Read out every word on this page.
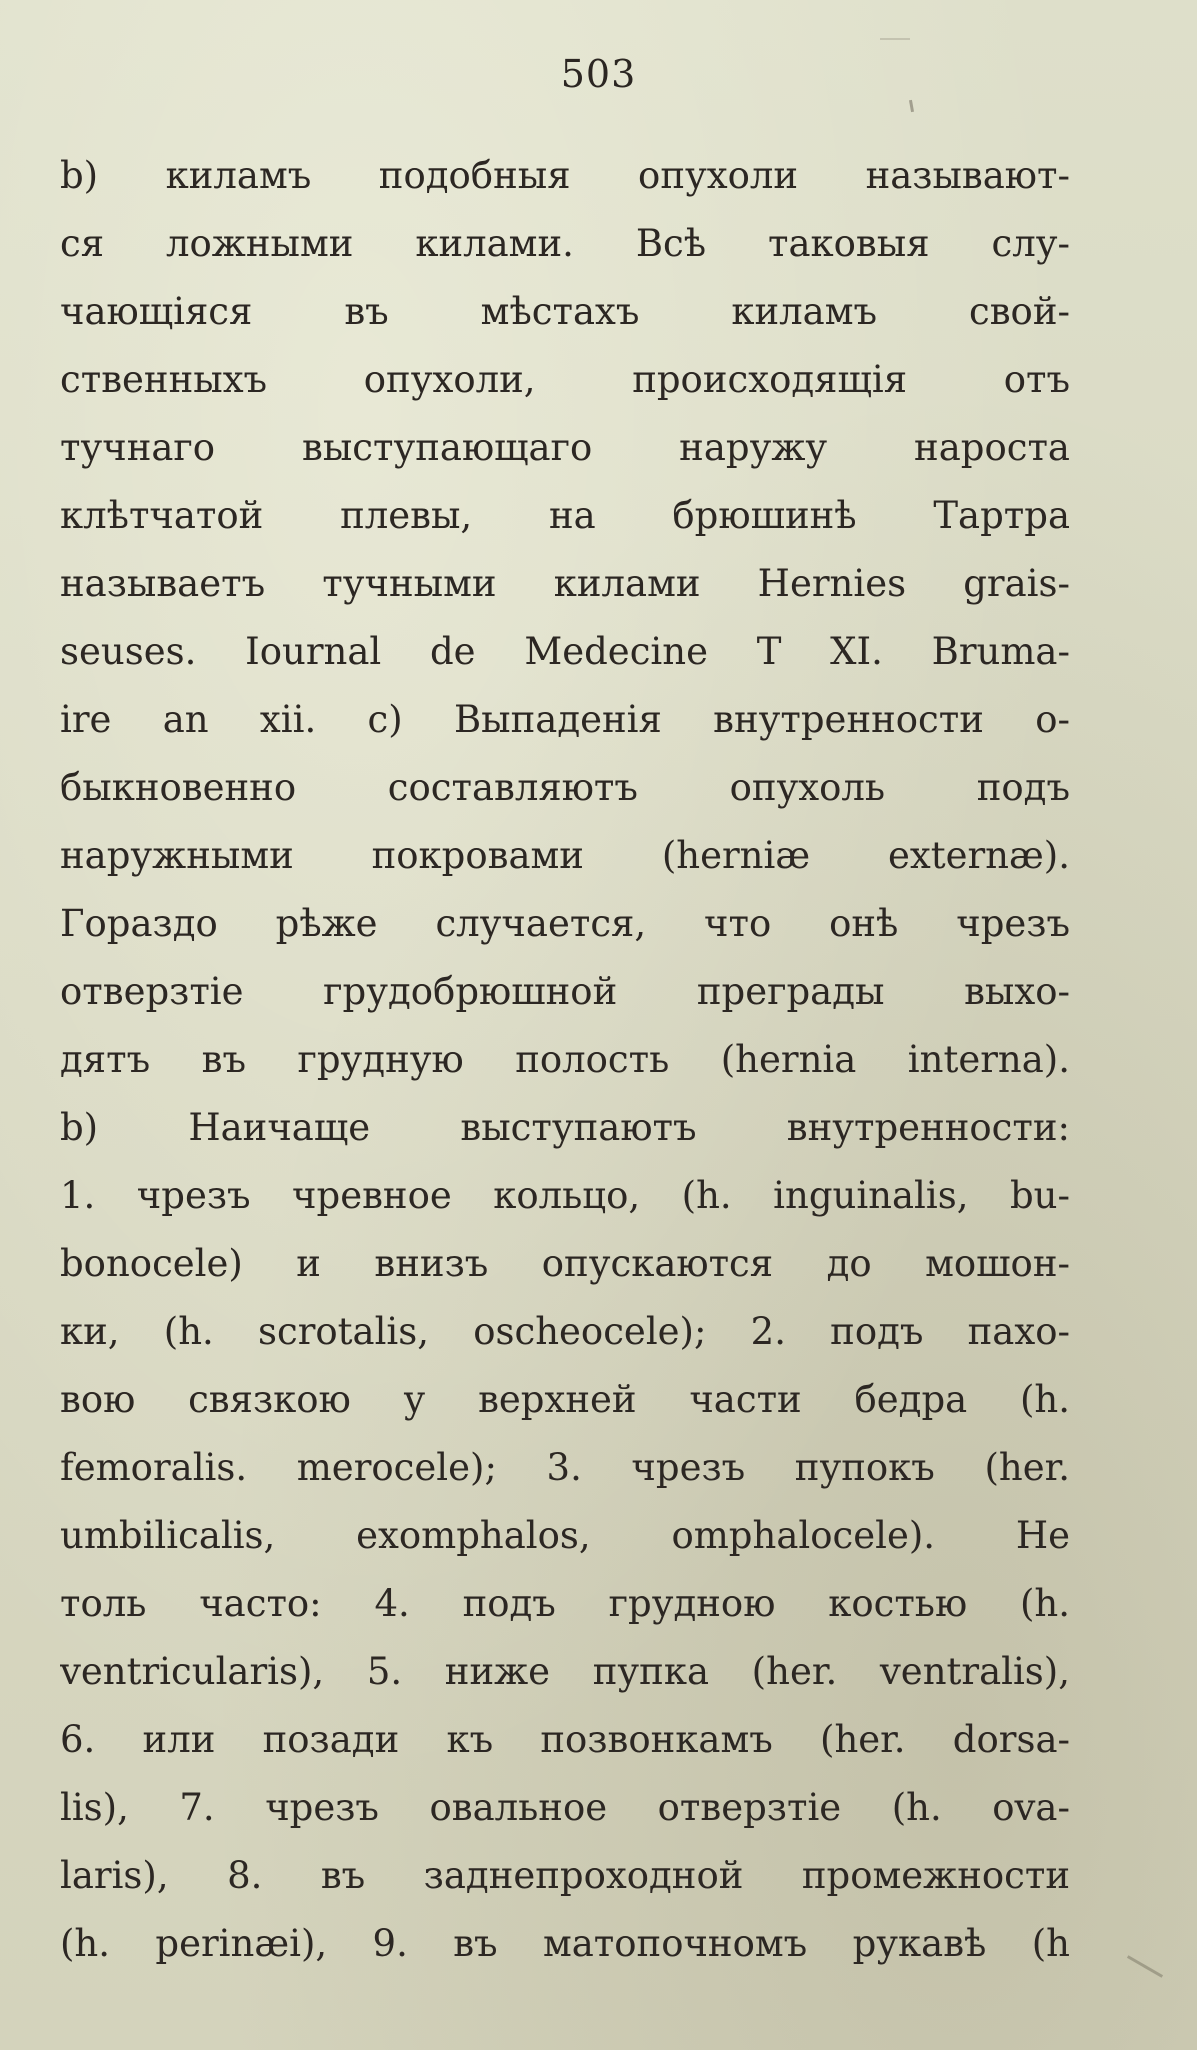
503
b) киламъ подобныя опухоли называют-
ся ложными килами. Всѣ таковыя слу-
чающіяся въ мѣстахъ киламъ свой-
ственныхъ опухоли, происходящія отъ
тучнаго выступающаго наружу нароста
клѣтчатой плевы, на брюшинѣ Тартра
называетъ тучными килами Hernies grais-
seuses. Iournal de Medecine T XI. Bruma-
ire an xii. c) Выпаденія внутренности о-
быкновенно составляютъ опухоль подъ
наружными покровами (herniæ externæ).
Гораздо рѣже случается, что онѣ чрезъ
отверзтіе грудобрюшной преграды выхо-
дятъ въ грудную полость (hernia interna).
b) Наичаще выступаютъ внутренности:
1. чрезъ чревное кольцо, (h. inguinalis, bu-
bonocele) и внизъ опускаются до мошон-
ки, (h. scrotalis, oscheocele); 2. подъ пахо-
вою связкою у верхней части бедра (h.
femoralis. merocele); 3. чрезъ пупокъ (her.
umbilicalis, exomphalos, omphalocele). Не
толь часто: 4. подъ грудною костью (h.
ventricularis), 5. ниже пупка (her. ventralis),
6. или позади къ позвонкамъ (her. dorsa-
lis), 7. чрезъ овальное отверзтіе (h. ova-
laris), 8. въ заднепроходной промежности
(h. perinæi), 9. въ матопочномъ рукавѣ (h
